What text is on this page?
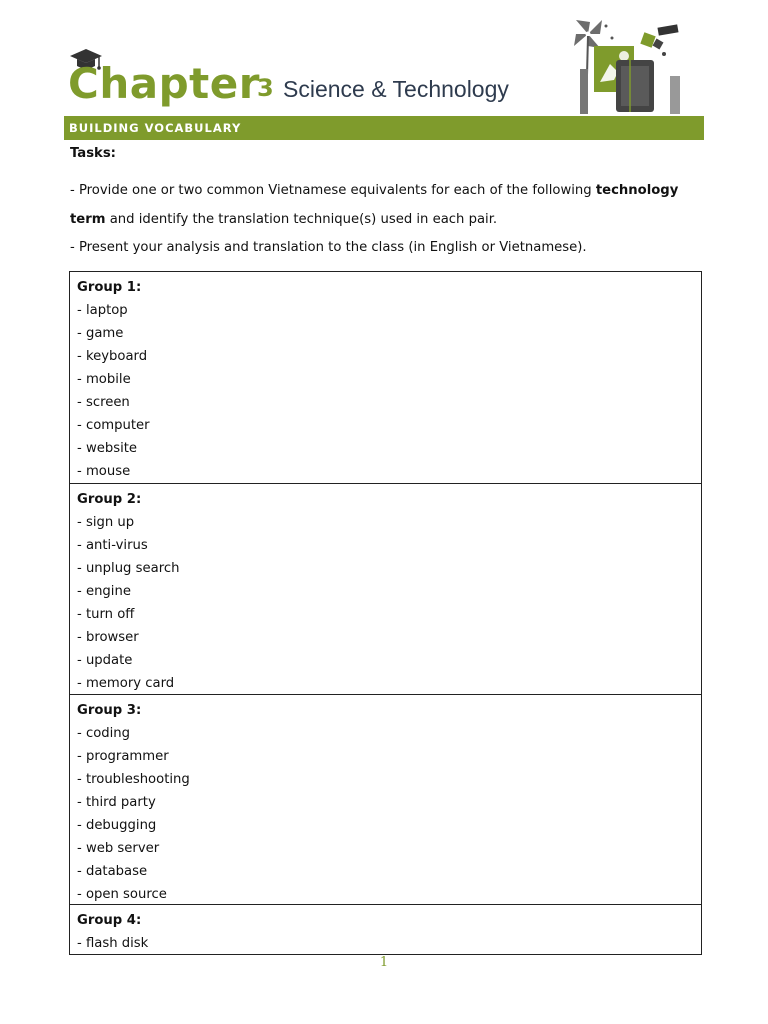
Chapter
3 Science & Technology
BUILDING VOCABULARY
Tasks:
- Provide one or two common Vietnamese equivalents for each of the following technology term and identify the translation technique(s) used in each pair.
- Present your analysis and translation to the class (in English or Vietnamese).
Group 1:
- laptop
- game
- keyboard
- mobile
- screen
- computer
- website
- mouse
Group 2:
- sign up
- anti-virus
- unplug search
- engine
- turn off
- browser
- update
- memory card
Group 3:
- coding
- programmer
- troubleshooting
- third party
- debugging
- web server
- database
- open source
Group 4:
- flash disk
1
